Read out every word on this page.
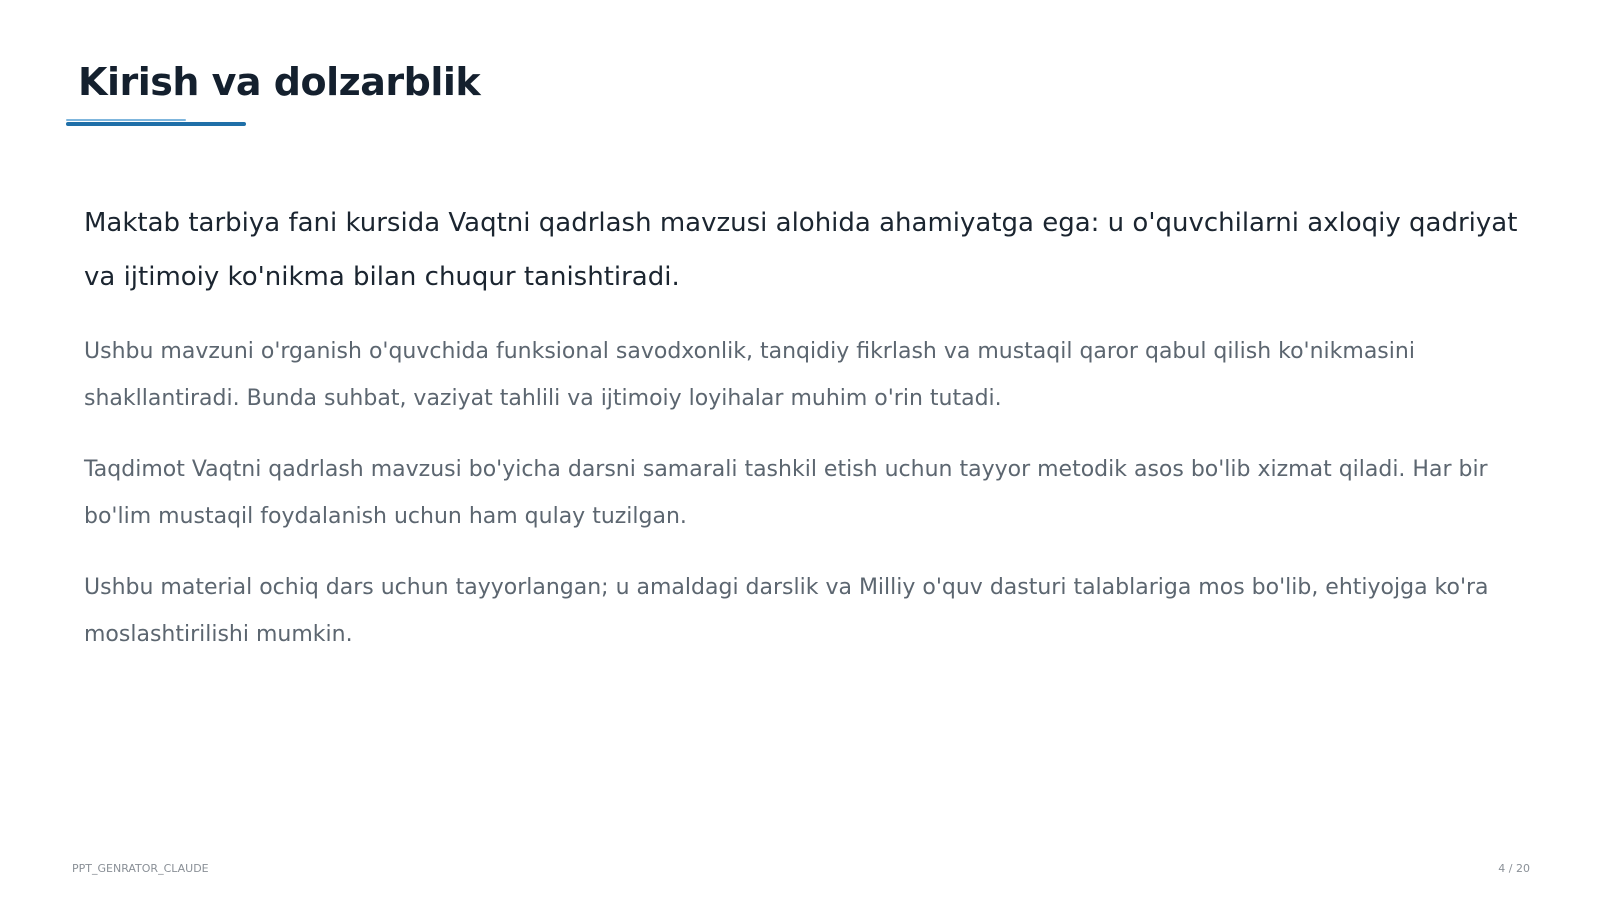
Kirish va dolzarblik

Maktab tarbiya fani kursida Vaqtni qadrlash mavzusi alohida ahamiyatga ega: u o'quvchilarni axloqiy qadriyat va ijtimoiy ko'nikma bilan chuqur tanishtiradi.

Ushbu mavzuni o'rganish o'quvchida funksional savodxonlik, tanqidiy fikrlash va mustaqil qaror qabul qilish ko'nikmasini shakllantiradi. Bunda suhbat, vaziyat tahlili va ijtimoiy loyihalar muhim o'rin tutadi.

Taqdimot Vaqtni qadrlash mavzusi bo'yicha darsni samarali tashkil etish uchun tayyor metodik asos bo'lib xizmat qiladi. Har bir bo'lim mustaqil foydalanish uchun ham qulay tuzilgan.

Ushbu material ochiq dars uchun tayyorlangan; u amaldagi darslik va Milliy o'quv dasturi talablariga mos bo'lib, ehtiyojga ko'ra moslashtirilishi mumkin.

PPT_GENRATOR_CLAUDE	4 / 20
